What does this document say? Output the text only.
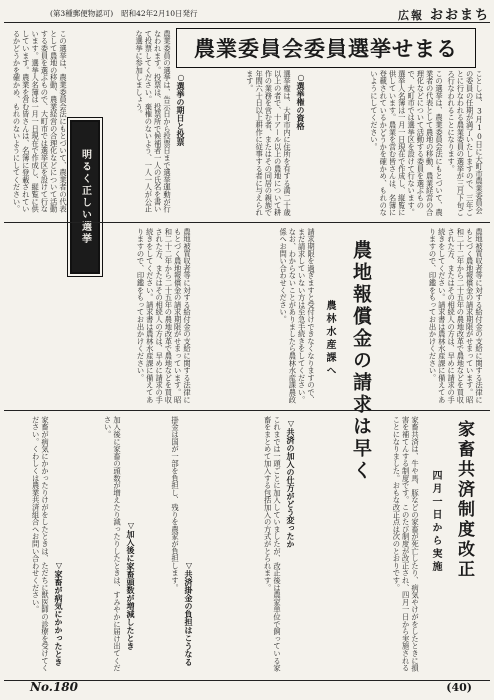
(第3種郵便物認可) 昭和42年2月10日発行	広報 おおまち
農業委員会委員選挙せまる
ことしは、3月10日に大町市農業委員会の委員の任期が満了いたしますので、三年ごとに行なわれる農業委員の選挙が三月下旬ごろ行なわれることになります。
この選挙は、農業委員会法にもとづいて、農業者の代表として農地の移動、農業経営の合理化などについて活動する委員を選ぶもので、大町市では選挙区を設けて行ないます。選挙人名簿は一月一日現在で作成し、縦覧に供しています。農業を営む皆さんは、名簿に登載されているかどうかを確かめ、もれのないようにしてください。
○選挙権の資格
選挙権は、大町市内に住所を有する満二十歳以上の者で、十アール以上の農地について耕作の業務を営む者、またはその同居の親族で年間六十日以上耕作に従事する者に与えられます。
○選挙の期日と投票
農業委員の選挙は、告示日から投票日まで選挙運動が行なわれます。投票は、投票所で候補者一人の氏名を書いて投票してください。棄権のないよう、一人一人が公正な選挙に参加しましょう。
この選挙は、農業委員会法にもとづいて、農業者の代表として農地の移動、農業経営の合理化などについて活動する委員を選ぶもので、大町市では選挙区を設けて行ないます。選挙人名簿は一月一日現在で作成し、縦覧に供しています。農業を営む皆さんは、名簿に登載されているかどうかを確かめ、もれのないようにしてください。	明るく正しい選挙
農地報償金の請求は早く
農林水産課へ	農地被買収者等に対する給付金の支給に関する法律にもとづく農地報償金の請求期限がせまっています。昭和二十二年から二十五年の農地改革で農地などを買収された方、またはその相続人の方は、早めに請求の手続きをしてください。請求書は農林水産課に備えてありますので、印鑑をもってお出かけください。
請求期限を過ぎますと受付けできなくなりますので、まだ請求していない方は至急手続きをしてください。なお、わからないことがありましたら農林水産課農政係へお問い合わせください。
農地被買収者等に対する給付金の支給に関する法律にもとづく農地報償金の請求期限がせまっています。昭和二十二年から二十五年の農地改革で農地などを買収された方、またはその相続人の方は、早めに請求の手続きをしてください。請求書は農林水産課に備えてありますので、印鑑をもってお出かけください。
家畜共済制度改正
四月一日から実施
家畜共済は、牛や馬、豚などの家畜が死亡したり、病気やけがをしたときに損害を補てんする制度です。このたび制度が改正され、四月一日から実施されることになりました。おもな改正点は次のとおりです。
▽共済の加入の仕方がどう変ったか
これまでは一頭ごとに加入していましたが、改正後は農家単位で飼っている家畜をまとめて加入する包括加入の方式がとられます。
▽共済掛金の負担はこうなる
掛金は国が一部を負担し、残りを農家が負担します。
▽加入後に家畜頭数が増減したとき
加入後に家畜の頭数が増えたり減ったりしたときは、すみやかに届け出てください。
▽家畜が病気にかかったとき
家畜が病気にかかったりけがをしたときは、ただちに獣医師の診療を受けてください。くわしくは農業共済組合へお問い合わせください。
No.180	(40)
